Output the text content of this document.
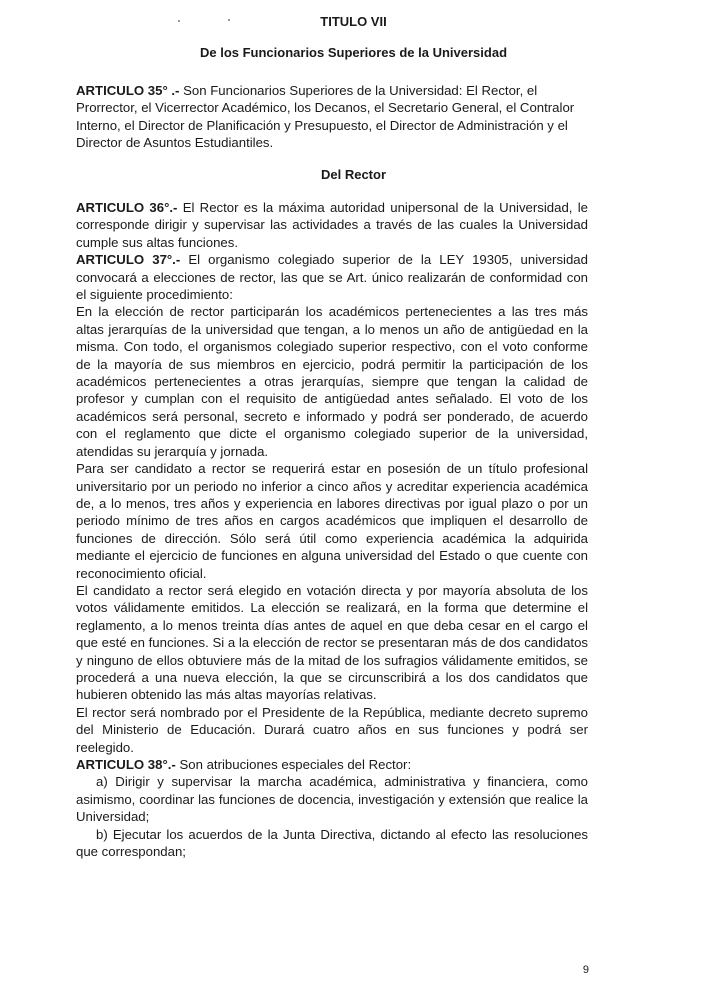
TITULO VII
De los Funcionarios Superiores de la Universidad

ARTICULO 35° .- Son Funcionarios Superiores de la Universidad: El Rector, el Prorrector, el Vicerrector Académico, los Decanos, el Secretario General, el Contralor Interno, el Director de Planificación y Presupuesto, el Director de Administración y el Director de Asuntos Estudiantiles.

Del Rector

ARTICULO 36°.- El Rector es la máxima autoridad unipersonal de la Universidad, le corresponde dirigir y supervisar las actividades a través de las cuales la Universidad cumple sus altas funciones.

ARTICULO 37°.- El organismo colegiado superior de la LEY 19305, universidad convocará a elecciones de rector, las que se Art. único realizarán de conformidad con el siguiente procedimiento:

En la elección de rector participarán los académicos pertenecientes a las tres más altas jerarquías de la universidad que tengan, a lo menos un año de antigüedad en la misma. Con todo, el organismos colegiado superior respectivo, con el voto conforme de la mayoría de sus miembros en ejercicio, podrá permitir la participación de los académicos pertenecientes a otras jerarquías, siempre que tengan la calidad de profesor y cumplan con el requisito de antigüedad antes señalado. El voto de los académicos será personal, secreto e informado y podrá ser ponderado, de acuerdo con el reglamento que dicte el organismo colegiado superior de la universidad, atendidas su jerarquía y jornada.

Para ser candidato a rector se requerirá estar en posesión de un título profesional universitario por un periodo no inferior a cinco años y acreditar experiencia académica de, a lo menos, tres años y experiencia en labores directivas por igual plazo o por un periodo mínimo de tres años en cargos académicos que impliquen el desarrollo de funciones de dirección. Sólo será útil como experiencia académica la adquirida mediante el ejercicio de funciones en alguna universidad del Estado o que cuente con reconocimiento oficial.

El candidato a rector será elegido en votación directa y por mayoría absoluta de los votos válidamente emitidos. La elección se realizará, en la forma que determine el reglamento, a lo menos treinta días antes de aquel en que deba cesar en el cargo el que esté en funciones. Si a la elección de rector se presentaran más de dos candidatos y ninguno de ellos obtuviere más de la mitad de los sufragios válidamente emitidos, se procederá a una nueva elección, la que se circunscribirá a los dos candidatos que hubieren obtenido las más altas mayorías relativas.

El rector será nombrado por el Presidente de la República, mediante decreto supremo del Ministerio de Educación. Durará cuatro años en sus funciones y podrá ser reelegido.

ARTICULO 38°.- Son atribuciones especiales del Rector:

a) Dirigir y supervisar la marcha académica, administrativa y financiera, como asimismo, coordinar las funciones de docencia, investigación y extensión que realice la Universidad;

b) Ejecutar los acuerdos de la Junta Directiva, dictando al efecto las resoluciones que correspondan;

9
